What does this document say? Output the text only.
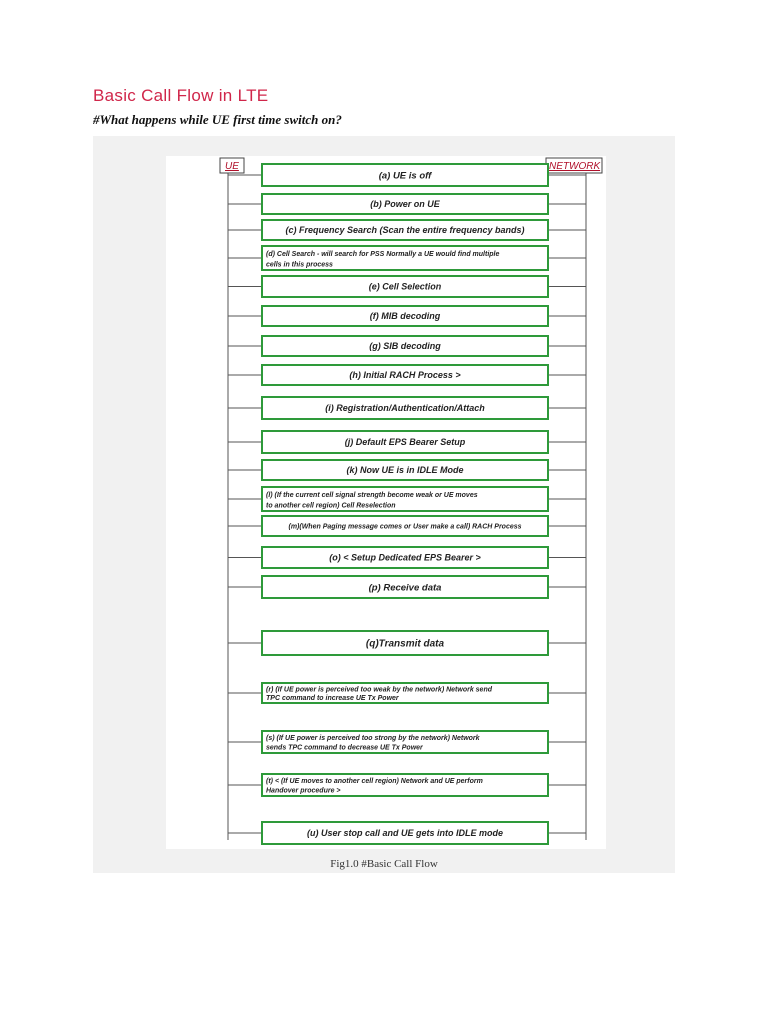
Basic Call Flow in LTE
#What happens while UE first time switch on?
UE	NETWORK
(a) UE is off
(b) Power on UE
(c) Frequency Search (Scan the entire frequency bands)
(d) Cell Search - will search for PSS Normally a UE would find multiple
cells in this process
(e) Cell Selection
(f) MIB decoding
(g) SIB decoding
(h) Initial RACH Process >
(i) Registration/Authentication/Attach
(j) Default EPS Bearer Setup
(k) Now UE is in IDLE Mode
(l) (If the current cell signal strength become weak or UE moves
to another cell region) Cell Reselection
(m)(When Paging message comes or User make a call) RACH Process
(o) < Setup Dedicated EPS Bearer >
(p) Receive data
(q)Transmit data
(r) (If UE power is perceived too weak by the network) Network send
TPC command to increase UE Tx Power
(s) (If UE power is perceived too strong by the network) Network
sends TPC command to decrease UE Tx Power
(t) < (If UE moves to another cell region) Network and UE perform
Handover procedure >
(u) User stop call and UE gets into IDLE mode
Fig1.0 #Basic Call Flow
